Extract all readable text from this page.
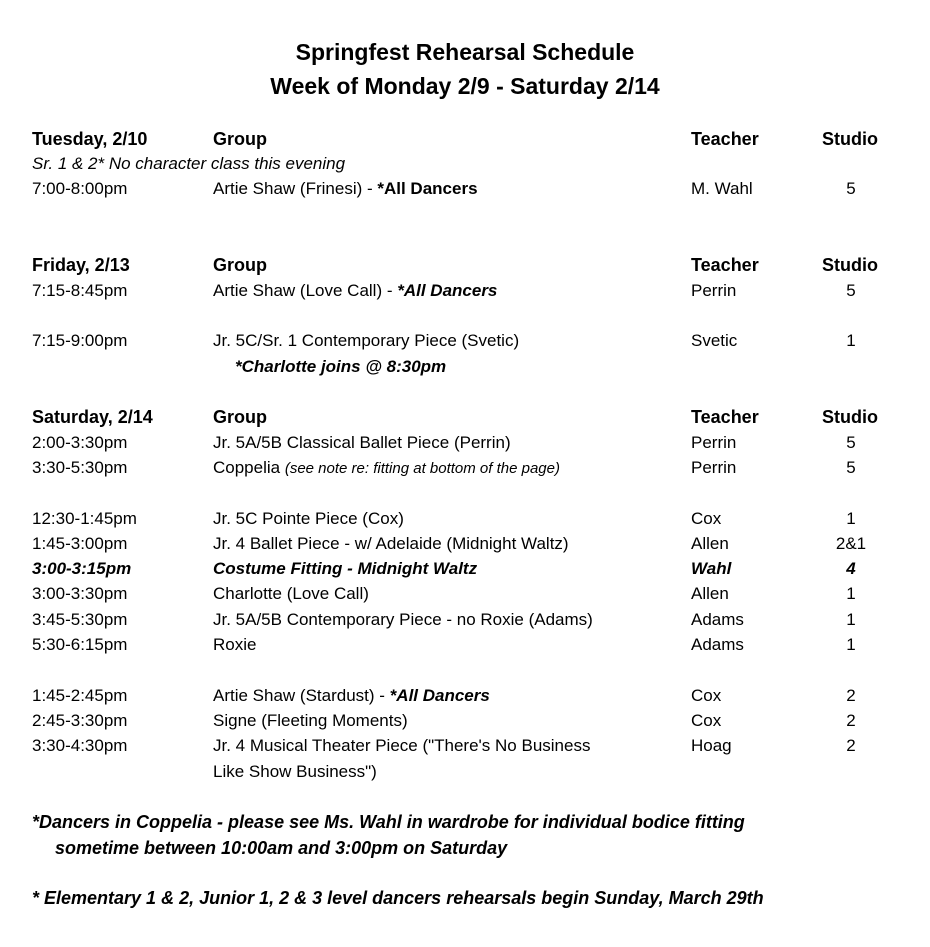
Springfest Rehearsal Schedule
Week of Monday 2/9 - Saturday 2/14
Tuesday, 2/10	Group	Teacher	Studio
Sr. 1 & 2* No character class this evening
7:00-8:00pm	Artie Shaw (Frinesi) - *All Dancers	M. Wahl	5
Friday, 2/13	Group	Teacher	Studio
7:15-8:45pm	Artie Shaw (Love Call) - *All Dancers	Perrin	5
7:15-9:00pm	Jr. 5C/Sr. 1 Contemporary Piece (Svetic)	Svetic	1
*Charlotte joins @ 8:30pm
Saturday, 2/14	Group	Teacher	Studio
2:00-3:30pm	Jr. 5A/5B Classical Ballet Piece (Perrin)	Perrin	5
3:30-5:30pm	Coppelia (see note re: fitting at bottom of the page)	Perrin	5
12:30-1:45pm	Jr. 5C Pointe Piece (Cox)	Cox	1
1:45-3:00pm	Jr. 4 Ballet Piece - w/ Adelaide (Midnight Waltz)	Allen	2&1
3:00-3:15pm	Costume Fitting - Midnight Waltz	Wahl	4
3:00-3:30pm	Charlotte (Love Call)	Allen	1
3:45-5:30pm	Jr. 5A/5B Contemporary Piece - no Roxie (Adams)	Adams	1
5:30-6:15pm	Roxie	Adams	1
1:45-2:45pm	Artie Shaw (Stardust) - *All Dancers	Cox	2
2:45-3:30pm	Signe (Fleeting Moments)	Cox	2
3:30-4:30pm	Jr. 4 Musical Theater Piece ("There's No Business	Hoag	2
Like Show Business")
*Dancers in Coppelia - please see Ms. Wahl in wardrobe for individual bodice fitting
sometime between 10:00am and 3:00pm on Saturday
* Elementary 1 & 2, Junior 1, 2 & 3 level dancers rehearsals begin Sunday, March 29th
